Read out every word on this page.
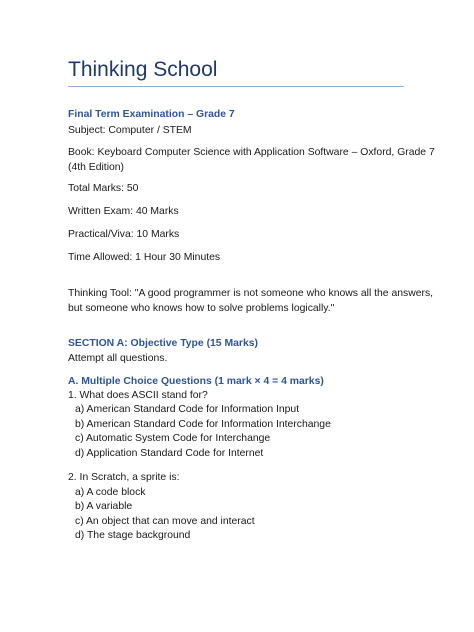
Thinking School
Final Term Examination – Grade 7
Subject: Computer / STEM
Book: Keyboard Computer Science with Application Software – Oxford, Grade 7
(4th Edition)
Total Marks: 50
Written Exam: 40 Marks
Practical/Viva: 10 Marks
Time Allowed: 1 Hour 30 Minutes
Thinking Tool: "A good programmer is not someone who knows all the answers,
but someone who knows how to solve problems logically."
SECTION A: Objective Type (15 Marks)
Attempt all questions.
A. Multiple Choice Questions (1 mark × 4 = 4 marks)
1. What does ASCII stand for?
a) American Standard Code for Information Input
b) American Standard Code for Information Interchange
c) Automatic System Code for Interchange
d) Application Standard Code for Internet
2. In Scratch, a sprite is:
a) A code block
b) A variable
c) An object that can move and interact
d) The stage background
